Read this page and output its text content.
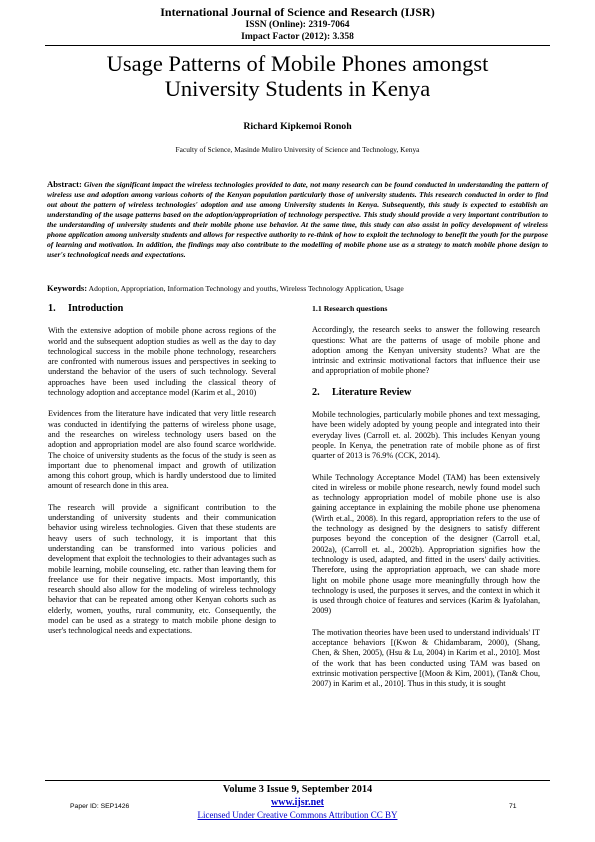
International Journal of Science and Research (IJSR)
ISSN (Online): 2319-7064
Impact Factor (2012): 3.358
Usage Patterns of Mobile Phones amongst
University Students in Kenya
Richard Kipkemoi Ronoh
Faculty of Science, Masinde Muliro University of Science and Technology, Kenya
Abstract: Given the significant impact the wireless technologies provided to date, not many research can be found conducted in understanding the pattern of wireless use and adoption among various cohorts of the Kenyan population particularly those of university students. This research conducted in order to find out about the pattern of wireless technologies' adoption and use among University students in Kenya. Subsequently, this study is expected to establish an understanding of the usage patterns based on the adoption/appropriation of technology perspective. This study should provide a very important contribution to the understanding of university students and their mobile phone use behavior. At the same time, this study can also assist in policy development of wireless phone application among university students and allows for respective authority to re-think of how to exploit the technology to benefit the youth for the purpose of learning and motivation. In addition, the findings may also contribute to the modelling of mobile phone use as a strategy to match mobile phone design to user's technological needs and expectations.
Keywords: Adoption, Appropriation, Information Technology and youths, Wireless Technology Application, Usage
1. Introduction

With the extensive adoption of mobile phone across regions of the world and the subsequent adoption studies as well as the day to day technological success in the mobile phone technology, researchers are confronted with numerous issues and perspectives in seeking to understand the behavior of the users of such technology. Several approaches have been used including the classical theory of technology adoption and acceptance model (Karim et al., 2010)

Evidences from the literature have indicated that very little research was conducted in identifying the patterns of wireless phone usage, and the researches on wireless technology users based on the adoption and appropriation model are also found scarce worldwide. The choice of university students as the focus of the study is seen as important due to phenomenal impact and growth of utilization among this cohort group, which is hardly understood due to limited amount of research done in this area.

The research will provide a significant contribution to the understanding of university students and their communication behavior using wireless technologies. Given that these students are heavy users of such technology, it is important that this understanding can be transformed into various policies and development that exploit the technologies to their advantages such as mobile learning, mobile counseling, etc. rather than leaving them for freelance use for their negative impacts. Most importantly, this research should also allow for the modeling of wireless technology behavior that can be repeated among other Kenyan cohorts such as elderly, women, youths, rural community, etc. Consequently, the model can be used as a strategy to match mobile phone design to user's technological needs and expectations.

1.1 Research questions

Accordingly, the research seeks to answer the following research questions: What are the patterns of usage of mobile phone and adoption among the Kenyan university students? What are the intrinsic and extrinsic motivational factors that influence their use and appropriation of mobile phone?

2. Literature Review

Mobile technologies, particularly mobile phones and text messaging, have been widely adopted by young people and integrated into their everyday lives (Carroll et. al. 2002b). This includes Kenyan young people. In Kenya, the penetration rate of mobile phone as of first quarter of 2013 is 76.9% (CCK, 2014).

While Technology Acceptance Model (TAM) has been extensively cited in wireless or mobile phone research, newly found model such as technology appropriation model of mobile phone use is also gaining acceptance in explaining the mobile phone use phenomena (Wirth et.al., 2008). In this regard, appropriation refers to the use of the technology as designed by the designers to satisfy different purposes beyond the conception of the designer (Carroll et.al, 2002a), (Carroll et. al., 2002b). Appropriation signifies how the technology is used, adapted, and fitted in the users' daily activities. Therefore, using the appropriation approach, we can shade more light on mobile phone usage more meaningfully through how the technology is used, the purposes it serves, and the context in which it is used through choice of features and services (Karim & Iyafolahan, 2009)

The motivation theories have been used to understand individuals' IT acceptance behaviors [(Kwon & Chidambaram, 2000), (Shang, Chen, & Shen, 2005), (Hsu & Lu, 2004) in Karim et al., 2010]. Most of the work that has been conducted using TAM was based on extrinsic motivation perspective [(Moon & Kim, 2001), (Tan& Chou, 2007) in Karim et al., 2010]. Thus in this study, it is sought

Volume 3 Issue 9, September 2014
www.ijsr.net
Licensed Under Creative Commons Attribution CC BY
Paper ID: SEP1426	71
